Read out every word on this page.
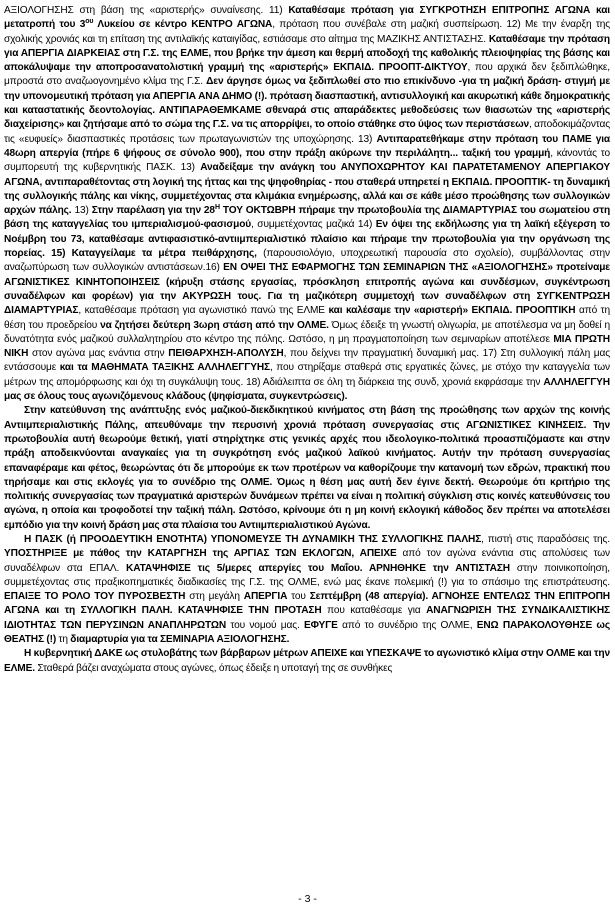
ΑΞΙΟΛΟΓΗΣΗΣ στη βάση της «αριστερής» συναίνεσης. 11) Καταθέσαμε πρόταση για ΣΥΓΚΡΟΤΗΣΗ ΕΠΙΤΡΟΠΗΣ ΑΓΩΝΑ και μετατροπή του $3^{o\upsilon}$ Λυκείου σε κέντρο ΚΕΝΤΡΟ ΑΓΩΝΑ, πρόταση που συνέβαλε στη μαζική συσπείρωση. 12) Με την έναρξη της σχολικής χρονιάς και τη επίταση της αντιλαϊκής καταιγίδας, εστιάσαμε στο αίτημα της ΜΑΖΙΚΗΣ ΑΝΤΙΣΤΑΣΗΣ. Καταθέσαμε την πρόταση για ΑΠΕΡΓΙΑ ΔΙΑΡΚΕΙΑΣ στη Γ.Σ. της ΕΛΜΕ, που βρήκε την άμεση και θερμή αποδοχή της καθολικής πλειοψηφίας της βάσης και αποκάλυψαμε την αποπροσανατολιστική γραμμή της «αριστερής» ΕΚΠΑΙΔ. ΠΡΟΟΠΤ-ΔΙΚΤΥΟΥ, που αρχικά δεν ξεδιπλώθηκε, μπροστά στο αναζωογονημένο κλίμα της Γ.Σ. Δεν άργησε όμως να ξεδιπλωθεί στο πιο επικίνδυνο -για τη μαζική δράση- στιγμή με την υπονομευτική πρόταση για ΑΠΕΡΓΙΑ ΑΝΑ ΔΗΜΟ (!). πρόταση διασπαστική, αντισυλλογική και ακυρωτική κάθε δημοκρατικής και καταστατικής δεοντολογίας. ΑΝΤΙΠΑΡΑΘΕΜΚΑΜΕ σθεναρά στις απαράδεκτες μεθοδεύσεις των θιασωτών της «αριστερής διαχείρισης» και ζητήσαμε από το σώμα της Γ.Σ. να τις απορρίψει, το οποίο στάθηκε στο ύψος των περιστάσεων, αποδοκιμάζοντας τις «ευφυείς» διασπαστικές προτάσεις των πρωταγωνιστών της υποχώρησης. 13) Αντιπαρατεθήκαμε στην πρόταση του ΠΑΜΕ για 48ωρη απεργία (πήρε 6 ψήφους σε σύνολο 900), που στην πράξη ακύρωνε την περιλάλητη... ταξική του γραμμή, κάνοντάς το συμπορευτή της κυβερνητικής ΠΑΣΚ. 13) Αναδείξαμε την ανάγκη του ΑΝΥΠΟΧΩΡΗΤΟΥ ΚΑΙ ΠΑΡΑΤΕΤΑΜΕΝΟΥ ΑΠΕΡΓΙΑΚΟΥ ΑΓΩΝΑ, αντιπαραθέτοντας στη λογική της ήττας και της ψηφοθηρίας - που σταθερά υπηρετεί η ΕΚΠΑΙΔ. ΠΡΟΟΠΤΙΚ- τη δυναμική της συλλογικής πάλης και νίκης, συμμετέχοντας στα κλιμάκια ενημέρωσης, αλλά και σε κάθε μέσο προώθησης των συλλογικών αρχών πάλης. 13) Στην παρέλαση για την $28^H$ ΤΟΥ ΟΚΤΩΒΡΗ πήραμε την πρωτοβουλία της ΔΙΑΜΑΡΤΥΡΙΑΣ του σωματείου στη βάση της καταγγελίας του ιμπεριαλισμού-φασισμού, συμμετέχοντας μαζικά 14) Εν όψει της εκδήλωσης για τη λαϊκή εξέγερση το Νοέμβρη του 73, καταθέσαμε αντιφασιστικό-αντιιμπεριαλιστικό πλαίσιο και πήραμε την πρωτοβουλία για την οργάνωση της πορείας. 15) Καταγγείλαμε τα μέτρα πειθάρχησης, (παρουσιολόγιο, υποχρεωτική παρουσία στο σχολείο), συμβάλλοντας στην αναζωπύρωση των συλλογικών αντιστάσεων.16) ΕΝ ΟΨΕΙ ΤΗΣ ΕΦΑΡΜΟΓΗΣ ΤΩΝ ΣΕΜΙΝΑΡΙΩΝ ΤΗΣ «ΑΞΙΟΛΟΓΗΣΗΣ» προτείναμε ΑΓΩΝΙΣΤΙΚΕΣ ΚΙΝΗΤΟΠΟΙΗΣΕΙΣ (κήρυξη στάσης εργασίας, πρόσκληση επιτροπής αγώνα και συνδέσμων, συγκέντρωση συναδέλφων και φορέων) για την ΑΚΥΡΩΣΗ τους. Για τη μαζικότερη συμμετοχή των συναδέλφων στη ΣΥΓΚΕΝΤΡΩΣΗ ΔΙΑΜΑΡΤΥΡΙΑΣ, καταθέσαμε πρόταση για αγωνιστικό πανώ της ΕΛΜΕ και καλέσαμε την «αριστερή» ΕΚΠΑΙΔ. ΠΡΟΟΠΤΙΚΗ από τη θέση του προεδρείου να ζητήσει δεύτερη 3ωρη στάση από την ΟΛΜΕ. Όμως έδειξε τη γνωστή ολιγωρία, με αποτέλεσμα να μη δοθεί η δυνατότητα ενός μαζικού συλλαλητηρίου στο κέντρο της πόλης. Ωστόσο, η μη πραγματοποίηση των σεμιναρίων αποτέλεσε ΜΙΑ ΠΡΩΤΗ ΝΙΚΗ στον αγώνα μας ενάντια στην ΠΕΙΘΑΡΧΗΣΗ-ΑΠΟΛΥΣΗ, που δείχνει την πραγματική δυναμική μας. 17) Στη συλλογική πάλη μας εντάσσουμε και τα ΜΑΘΗΜΑΤΑ ΤΑΞΙΚΗΣ ΑΛΛΗΛΕΓΓΥΗΣ, που στηρίξαμε σταθερά στις εργατικές ζώνες, με στόχο την καταγγελία των μέτρων της απομόρφωσης και όχι τη συγκάλυψη τους. 18) Αδιάλειπτα σε όλη τη διάρκεια της συνδ, χρονιά εκφράσαμε την ΑΛΛΗΛΕΓΓΥΗ μας σε όλους τους αγωνιζόμενους κλάδους (ψηφίσματα, συγκεντρώσεις).

Στην κατεύθυνση της ανάπτυξης ενός μαζικού-διεκδικητικού κινήματος στη βάση της προώθησης των αρχών της κοινής Αντιιμπεριαλιστικής Πάλης, απευθύναμε την περυσινή χρονιά πρόταση συνεργασίας στις ΑΓΩΝΙΣΤΙΚΕΣ ΚΙΝΗΣΕΙΣ. Την πρωτοβουλία αυτή θεωρούμε θετική, γιατί στηρίχτηκε στις γενικές αρχές που ιδεολογικο-πολιτικά προασπιζόμαστε και στην πράξη αποδεικνύονται αναγκαίες για τη συγκρότηση ενός μαζικού λαϊκού κινήματος. Αυτήν την πρόταση συνεργασίας επαναφέραμε και φέτος, θεωρώντας ότι δε μπορούμε εκ των προτέρων να καθορίζουμε την κατανομή των εδρών, πρακτική που τηρήσαμε και στις εκλογές για το συνέδριο της ΟΛΜΕ. Όμως η θέση μας αυτή δεν έγινε δεκτή. Θεωρούμε ότι κριτήριο της πολιτικής συνεργασίας των πραγματικά αριστερών δυνάμεων πρέπει να είναι η πολιτική σύγκλιση στις κοινές κατευθύνσεις του αγώνα, η οποία και τροφοδοτεί την ταξική πάλη. Ωστόσο, κρίνουμε ότι η μη κοινή εκλογική κάθοδος δεν πρέπει να αποτελέσει εμπόδιο για την κοινή δράση μας στα πλαίσια του Αντιιμπεριαλιστικού Αγώνα.

Η ΠΑΣΚ (ή ΠΡΟΟΔΕΥΤΙΚΗ ΕΝΟΤΗΤΑ) ΥΠΟΝΟΜΕΥΣΕ ΤΗ ΔΥΝΑΜΙΚΗ ΤΗΣ ΣΥΛΛΟΓΙΚΗΣ ΠΑΛΗΣ, πιστή στις παραδόσεις της. ΥΠΟΣΤΗΡΙΞΕ με πάθος την ΚΑΤΑΡΓΗΣΗ της ΑΡΓΙΑΣ ΤΩΝ ΕΚΛΟΓΩΝ, ΑΠΕΙΧΕ από τον αγώνα ενάντια στις απολύσεις των συναδέλφων στα ΕΠΑΛ. ΚΑΤΑΨΗΦΙΣΕ τις 5/μερες απεργίες του Μαΐου. ΑΡΝΗΘΗΚΕ την ΑΝΤΙΣΤΑΣΗ στην ποινικοποίηση, συμμετέχοντας στις πραξικοπηματικές διαδικασίες της Γ.Σ. της ΟΛΜΕ, ενώ μας έκανε πολεμική (!) για το σπάσιμο της επιστράτευσης. ΕΠΑΙΞΕ ΤΟ ΡΟΛΟ ΤΟΥ ΠΥΡΟΣΒΕΣΤΗ στη μεγάλη ΑΠΕΡΓΙΑ του Σεπτέμβρη (48 απεργία). ΑΓΝΟΗΣΕ ΕΝΤΕΛΩΣ ΤΗΝ ΕΠΙΤΡΟΠΗ ΑΓΩΝΑ και τη ΣΥΛΛΟΓΙΚΗ ΠΑΛΗ. ΚΑΤΑΨΗΦΙΣΕ ΤΗΝ ΠΡΟΤΑΣΗ που καταθέσαμε για ΑΝΑΓΝΩΡΙΣΗ ΤΗΣ ΣΥΝΔΙΚΑΛΙΣΤΙΚΗΣ ΙΔΙΟΤΗΤΑΣ ΤΩΝ ΠΕΡΥΣΙΝΩΝ ΑΝΑΠΛΗΡΩΤΩΝ του νομού μας. ΕΦΥΓΕ από το συνέδριο της ΟΛΜΕ, ΕΝΩ ΠΑΡΑΚΟΛΟΥΘΗΣΕ ως ΘΕΑΤΗΣ (!) τη διαμαρτυρία για τα ΣΕΜΙΝΑΡΙΑ ΑΞΙΟΛΟΓΗΣΗΣ.

Η κυβερνητική ΔΑΚΕ ως στυλοβάτης των βάρβαρων μέτρων ΑΠΕΙΧΕ και ΥΠΕΣΚΑΨΕ το αγωνιστικό κλίμα στην ΟΛΜΕ και την ΕΛΜΕ. Σταθερά βάζει αναχώματα στους αγώνες, όπως έδειξε η υποταγή της σε συνθήκες

- 3 -
